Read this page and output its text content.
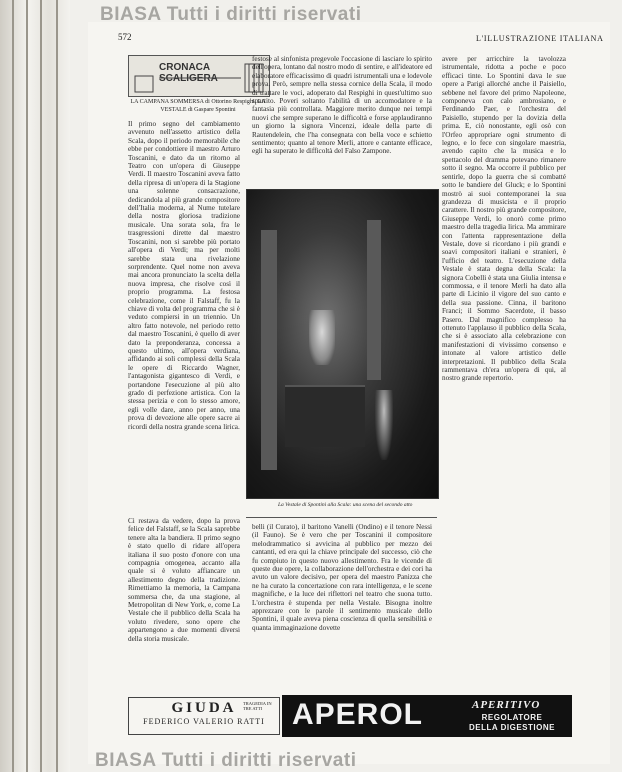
BIASA Tutti i diritti riservati
BIASA Tutti i diritti riservati
572	L'ILLUSTRAZIONE ITALIANA
CRONACA SCALIGERA
LA CAMPANA SOMMERSA di Ottorino Respighi. LA VESTALE di Gaspare Spontini
Il primo segno del cambiamento avvenuto nell'assetto artistico della Scala, dopo il periodo memorabile che ebbe per condottiere il maestro Arturo Toscanini, e dato da un ritorno al Teatro con un'opera di Giuseppe Verdi. Il maestro Toscanini aveva fatto della ripresa di un'opera di la Stagione una solenne consacrazione, dedicandola al più grande compositore dell'Italia moderna, al Nume tutelare della nostra gloriosa tradizione musicale. Una sorata sola, fra le trasgressioni dirette dal maestro Toscanini, non si sarebbe più portato all'opera di Verdi; ma per molti sarebbe stata una rivelazione sorprendente. Quel nome non aveva mai ancora pronunciato la scelta della nuova impresa, che risolve così il proprio programma. La festosa celebrazione, come il Falstaff, fu la chiave di volta del programma che si è veduto compiersi in un triennio. Un altro fatto notevole, nel periodo retto dal maestro Toscanini, è quello di aver dato la preponderanza, concessa a questo ultimo, all'opera verdiana, affidando ai soli complessi della Scala le opere di Riccardo Wagner, l'antagonista gigantesco di Verdi, e portandone l'esecuzione al più alto grado di perfezione artistica. Con la stessa perizia e con lo stesso amore, egli volle dare, anno per anno, una prova di devozione alle opere sacre ai ricordi della nostra grande scena lirica.
Ci restava da vedere, dopo la prova felice del Falstaff, se la Scala saprebbe tenere alta la bandiera. Il primo segno è stato quello di ridare all'opera italiana il suo posto d'onore con una compagnia omogenea, accanto alla quale si è voluto affiancare un allestimento degno della tradizione. Rimettiamo la memoria, la Campana sommersa che, da una stagione, al Metropolitan di New York, e, come La Vestale che il pubblico della Scala ha voluto rivedere, sono opere che appartengono a due momenti diversi della storia musicale.
festose al sinfonista pregevole l'occasione di lasciare lo spirito dell'opera, lontano dal nostro modo di sentire, e all'ideatore ed elaboratore efficacissimo di quadri istrumentali una e lodevole prova. Però, sempre nella stessa cornice della Scala, il modo di trattare le voci, adoperato dal Respighi in quest'ultimo suo spartito. Poveri soltanto l'abilità di un accomodatore e la fantasia più controllata. Maggiore merito dunque nei tempi nuovi che sempre superano le difficoltà e forse applaudiranno un giorno la signora Vincenzi, ideale della parte di Rautendelein, che l'ha consegnata con bella voce e schietto sentimento; quanto al tenore Merli, attore e cantante efficace, egli ha superato le difficoltà del Falso Zampone.
belli (il Curato), il baritono Vanelli (Ondino) e il tenore Nessi (il Fauno). Se è vero che per Toscanini il compositore melodrammatico si avvicina al pubblico per mezzo dei cantanti, ed era qui la chiave principale del successo, ciò che fu compiuto in questo nuovo allestimento. Fra le vicende di queste due opere, la collaborazione dell'orchestra e dei cori ha avuto un valore decisivo, per opera del maestro Panizza che ne ha curato la concertazione con rara intelligenza, e le scene magnifiche, e la luce dei riflettori nel teatro che suona tutto. L'orchestra è stupenda per nella Vestale. Bisogna inoltre apprezzare con le parole il sentimento musicale dello Spontini, il quale aveva piena coscienza di quella sensibilità e quanta immaginazione dovette
avere per arricchire la tavolozza istrumentale, ridotta a poche e poco efficaci tinte. Lo Spontini dava le sue opere a Parigi allorché anche il Paisiello, sebbene nel favore del primo Napoleone, componeva con calo ambrosiano, e Ferdinando Paer, e l'orchestra del Paisiello, stupendo per la dovizia della prima. E, ciò nonostante, egli osò con l'Orfeo appropriare ogni strumento di legno, e lo fece con singolare maestria, avendo capito che la musica e lo spettacolo del dramma potevano rimanere sotto il segno. Ma occorre il pubblico per sentirle, dopo la guerra che si combatté sotto le bandiere del Gluck; e lo Spontini mostrò ai suoi contemporanei la sua grandezza di musicista e il proprio carattere. Il nostro più grande compositore, Giuseppe Verdi, lo onorò come primo maestro della tragedia lirica. Ma ammirare con l'attenta rappresentazione della Vestale, dove si ricordano i più grandi e soavi compositori italiani e stranieri, è l'ufficio del teatro. L'esecuzione della Vestale è stata degna della Scala: la signora Cobelli è stata una Giulia intensa e commossa, e il tenore Merli ha dato alla parte di Licinio il vigore del suo canto e della sua passione. Cinna, il baritono Franci; il Sommo Sacerdote, il basso Pasero. Dal magnifico complesso ha ottenuto l'applauso il pubblico della Scala, che si è associato alla celebrazione con manifestazioni di vivissimo consenso e intonate al valore artistico delle interpretazioni. Il pubblico della Scala rammentava ch'era un'opera di qui, al nostro grande repertorio.
La Vestale di Spontini alla Scala: una scena del secondo atto
GIUDA
FEDERICO VALERIO RATTI
TRAGEDIA IN TRE ATTI APEROL	APERITIVO
REGOLATORE
DELLA DIGESTIONE
